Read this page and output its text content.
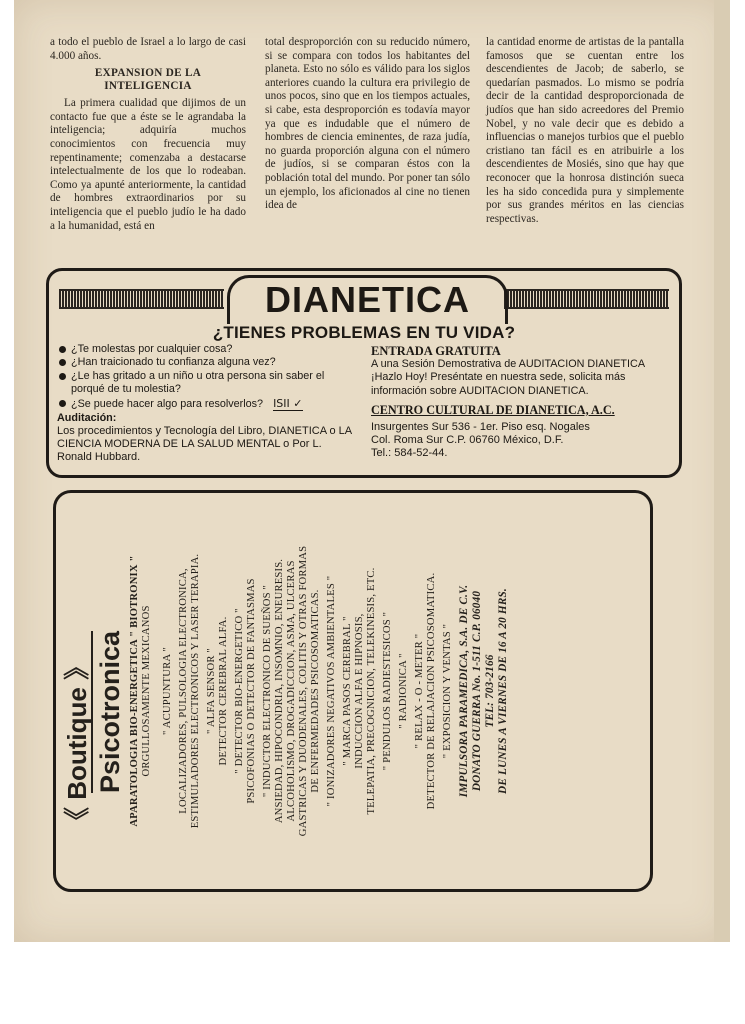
a todo el pueblo de Israel a lo largo de casi 4.000 años.

EXPANSION DE LA INTELIGENCIA

La primera cualidad que dijimos de un contacto fue que a éste se le agrandaba la inteligencia; adquiría muchos conocimientos con frecuencia muy repentinamente; comenzaba a destacarse intelectualmente de los que lo rodeaban. Como ya apunté anteriormente, la cantidad de hombres extraordinarios por su inteligencia que el pueblo judío le ha dado a la humanidad, está en

total desproporción con su reducido número, si se compara con todos los habitantes del planeta. Esto no sólo es válido para los siglos anteriores cuando la cultura era privilegio de unos pocos, sino que en los tiempos actuales, si cabe, esta desproporción es todavía mayor ya que es indudable que el número de hombres de ciencia eminentes, de raza judía, no guarda proporción alguna con el número de judíos, si se comparan éstos con la población total del mundo. Por poner tan sólo un ejemplo, los aficionados al cine no tienen idea de

la cantidad enorme de artistas de la pantalla famosos que se cuentan entre los descendientes de Jacob; de saberlo, se quedarían pasmados. Lo mismo se podría decir de la cantidad desproporcionada de judíos que han sido acreedores del Premio Nobel, y no vale decir que es debido a influencias o manejos turbios que el pueblo cristiano tan fácil es en atribuirle a los descendientes de Mosiés, sino que hay que reconocer que la honrosa distinción sueca les ha sido concedida pura y simplemente por sus grandes méritos en las ciencias respectivas.

DIANETICA
¿TIENES PROBLEMAS EN TU VIDA?
¿Te molestas por cualquier cosa?
¿Han traicionado tu confianza alguna vez?
¿Le has gritado a un niño u otra persona sin saber el porqué de tu molestia?
¿Se puede hacer algo para resolverlos? ISII ✓
Auditación:
Los procedimientos y Tecnología del Libro, DIANETICA o LA CIENCIA MODERNA DE LA SALUD MENTAL o Por L. Ronald Hubbard.
ENTRADA GRATUITA
A una Sesión Demostrativa de AUDITACION DIANETICA ¡Hazlo Hoy! Preséntate en nuestra sede, solicita más información sobre AUDITACION DIANETICA.
CENTRO CULTURAL DE DIANETICA, A.C.
Insurgentes Sur 536 - 1er. Piso esq. Nogales
Col. Roma Sur C.P. 06760 México, D.F.
Tel.: 584-52-44.
《 Boutique 》 Psicotronica APARATOLOGIA BIO-ENERGETICA " BIOTRONIX " ORGULLOSAMENTE MEXICANOS " ACUPUNTURA " LOCALIZADORES, PULSOLOGIA ELECTRONICA, ESTIMULADORES ELECTRONICOS Y LASER TERAPIA. " ALFA SENSOR " DETECTOR CEREBRAL ALFA. " DETECTOR BIO-ENERGETICO " PSICOFONIAS O DETECTOR DE FANTASMAS " INDUCTOR ELECTRONICO DE SUEÑOS " ANSIEDAD, HIPOCONDRIA, INSOMNIO, ENEURESIS. ALCOHOLISMO, DROGADICCION, ASMA, ULCERAS GASTRICAS Y DUODENALES, COLITIS Y OTRAS FORMAS DE ENFERMEDADES PSICOSOMATICAS. " IONIZADORES NEGATIVOS AMBIENTALES " " MARCA PASOS CEREBRAL " INDUCCION ALFA E HIPNOSIS, TELEPATIA, PRECOGNICION, TELEKINESIS, ETC. " PENDULOS RADIESTESICOS " " RADIONICA " " RELAX - O - METER " DETECTOR DE RELAJACION PSICOSOMATICA. " EXPOSICION Y VENTAS " IMPULSORA PARAMEDICA, S.A. DE C.V. DONATO GUERRA No. 1-511 C.P. 06040 TEL: 703-2166 DE LUNES A VIERNES DE 16 A 20 HRS.
